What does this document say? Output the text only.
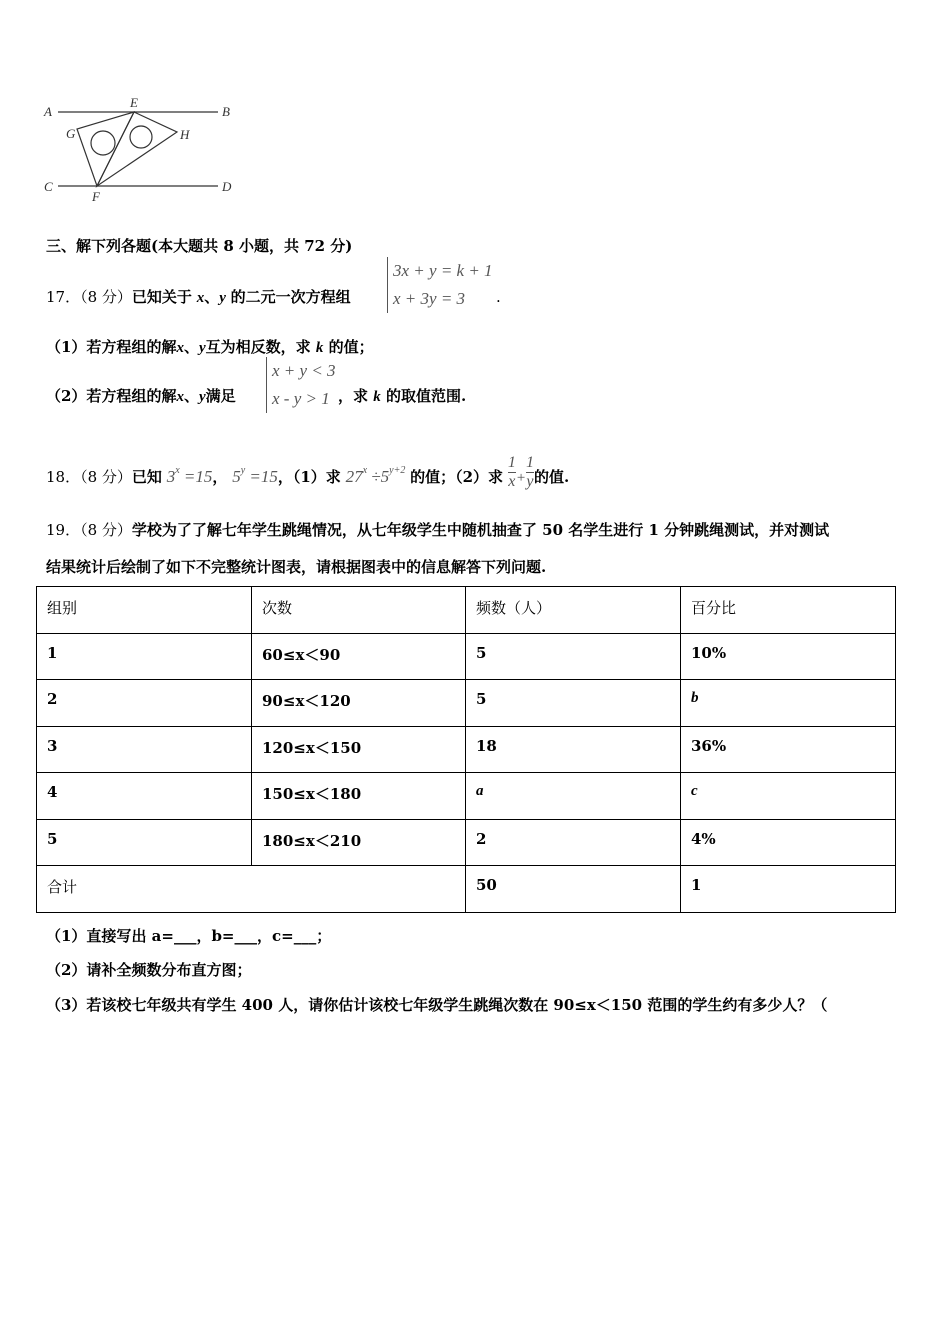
A	B
C	D
E
F
G	H
三、解下列各题(本大题共 8 小题，共 72 分)
17．（8 分）已知关于 x、y 的二元一次方程组
3x + y = k + 1
x + 3y = 3	.
（1）若方程组的解x、y互为相反数，求 k 的值；
（2）若方程组的解x、y满足
x + y < 3
x - y > 1 ，求 k 的取值范围.
18．（8 分）已知 $3^x =15$， $5^y =15$，（1）求 $27^x \div 5^{y+2}$ 的值；（2）求 $\frac{1}{x} + \frac{1}{y}$ 的值.
19．（8 分）学校为了了解七年学生跳绳情况，从七年级学生中随机抽查了 50 名学生进行 1 分钟跳绳测试，并对测试
结果统计后绘制了如下不完整统计图表，请根据图表中的信息解答下列问题.
组别	次数	频数（人）	百分比
1	60≤x＜90	5	10%
2	90≤x＜120	5	b
3	120≤x＜150	18	36%
4	150≤x＜180	a	c
5	180≤x＜210	2	4%
合计		50	1
（1）直接写出 a=___，b=___，c=___；
（2）请补全频数分布直方图；
（3）若该校七年级共有学生 400 人，请你估计该校七年级学生跳绳次数在 90≤x＜150 范围的学生约有多少人？（
